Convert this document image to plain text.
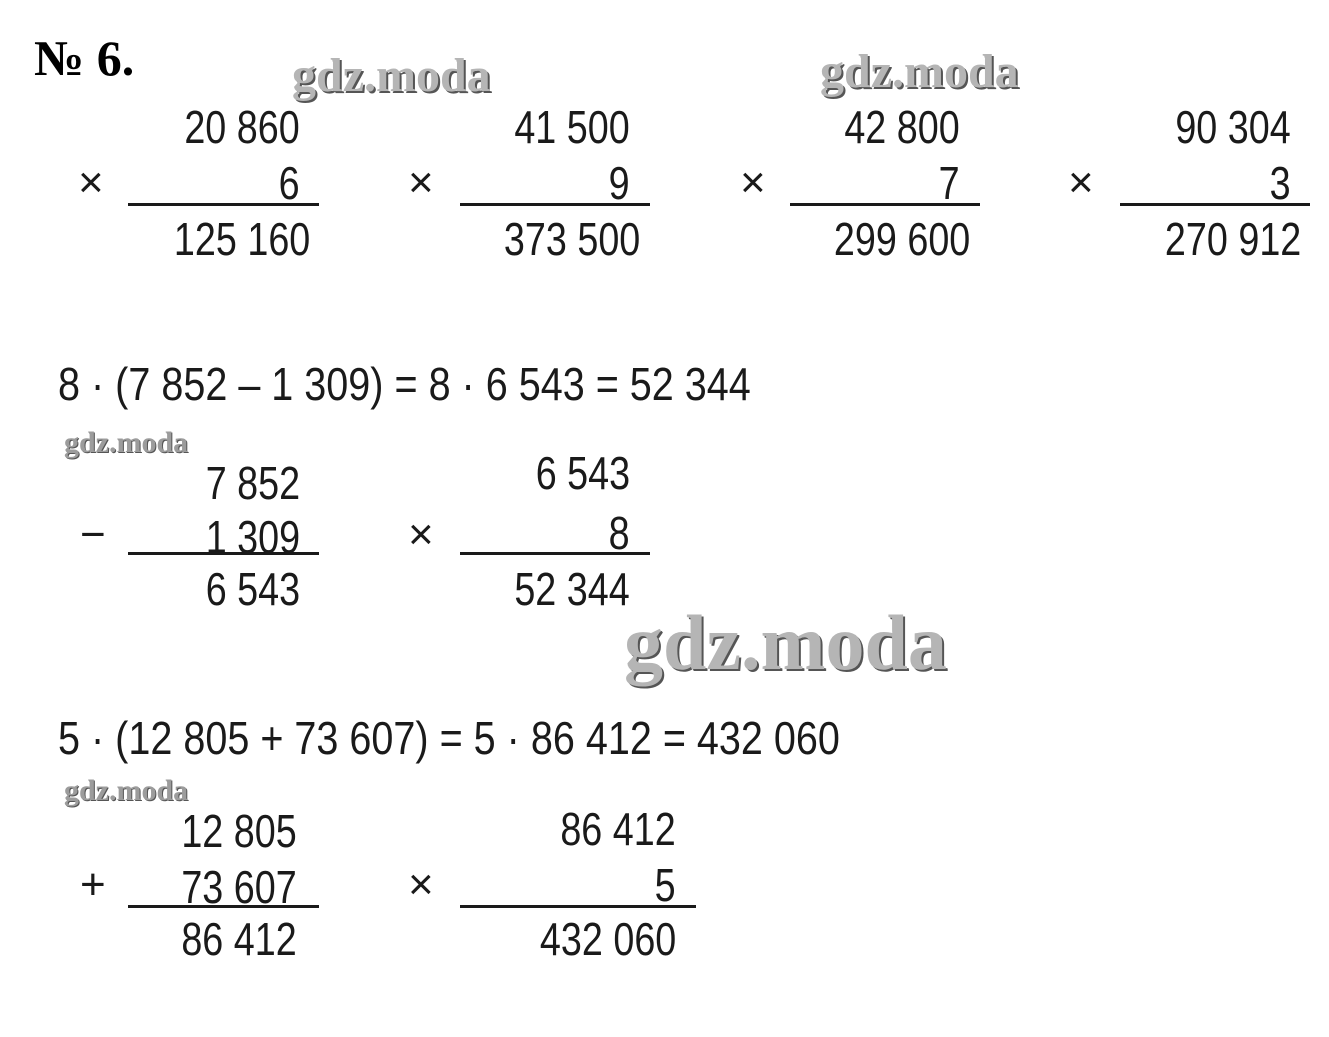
№ 6.	gdz.moda	gdz.moda
gdz.moda
gdz.moda
gdz.moda
×
20 860
6
125 160
×
41 500
9
373 500
×
42 800
7
299 600
×
90 304
3
270 912
8 · (7 852 – 1 309) = 8 · 6 543 = 52 344
−
7 852
1 309
6 543
×
6 543
8
52 344
5 · (12 805 + 73 607) = 5 · 86 412 = 432 060
+
12 805
73 607
86 412
×
86 412
5
432 060
